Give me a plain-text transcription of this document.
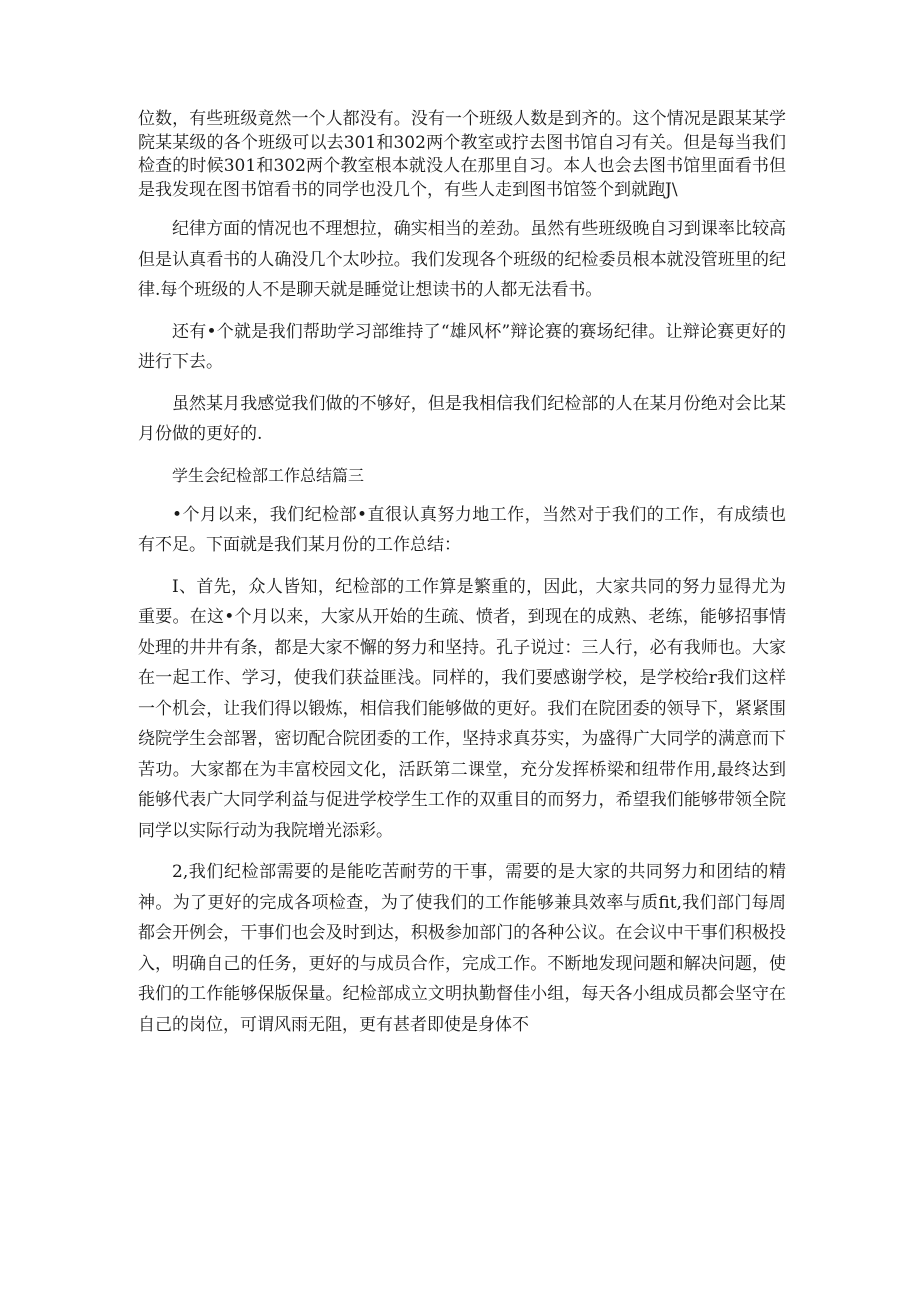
位数，有些班级竟然一个人都没有。没有一个班级人数是到齐的。这个情况是跟某某学院某某级的各个班级可以去301和302两个教室或拧去图书馆自习有关。但是每当我们检查的时候301和302两个教室根本就没人在那里自习。本人也会去图书馆里面看书但是我发现在图书馆看书的同学也没几个，有些人走到图书馆签个到就跑J\

纪律方面的情况也不理想拉，确实相当的差劲。虽然有些班级晚自习到课率比较高但是认真看书的人确没几个太吵拉。我们发现各个班级的纪检委员根本就没管班里的纪律.每个班级的人不是聊天就是睡觉让想读书的人都无法看书。

还有•个就是我们帮助学习部维持了“雄风杯”辩论赛的赛场纪律。让辩论赛更好的进行下去。

虽然某月我感觉我们做的不够好，但是我相信我们纪检部的人在某月份绝对会比某月份做的更好的.

学生会纪检部工作总结篇三

•个月以来，我们纪检部•直很认真努力地工作，当然对于我们的工作，有成绩也有不足。下面就是我们某月份的工作总结：

I、首先，众人皆知，纪检部的工作算是繁重的，因此，大家共同的努力显得尤为重要。在这•个月以来，大家从开始的生疏、愤者，到现在的成熟、老练，能够招事情处理的井井有条，都是大家不懈的努力和坚持。孔子说过：三人行，必有我师也。大家在一起工作、学习，使我们获益匪浅。同样的，我们要感谢学校，是学校给r我们这样一个机会，让我们得以锻炼，相信我们能够做的更好。我们在院团委的领导下，紧紧围绕院学生会部署，密切配合院团委的工作，坚持求真芬实，为盛得广大同学的满意而下苦功。大家都在为丰富校园文化，活跃第二课堂，充分发挥桥梁和纽带作用,最终达到能够代表广大同学利益与促进学校学生工作的双重目的而努力，希望我们能够带领全院同学以实际行动为我院增光添彩。

2,我们纪检部需要的是能吃苦耐劳的干事，需要的是大家的共同努力和团结的精神。为了更好的完成各项检查，为了使我们的工作能够兼具效率与质fit,我们部门每周都会开例会，干事们也会及时到达，积极参加部门的各种公议。在会议中干事们积极投入，明确自己的任务，更好的与成员合作，完成工作。不断地发现问题和解决问题，使我们的工作能够保版保量。纪检部成立文明执勤督佳小组，每天各小组成员都会坚守在自己的岗位，可谓风雨无阻，更有甚者即使是身体不
